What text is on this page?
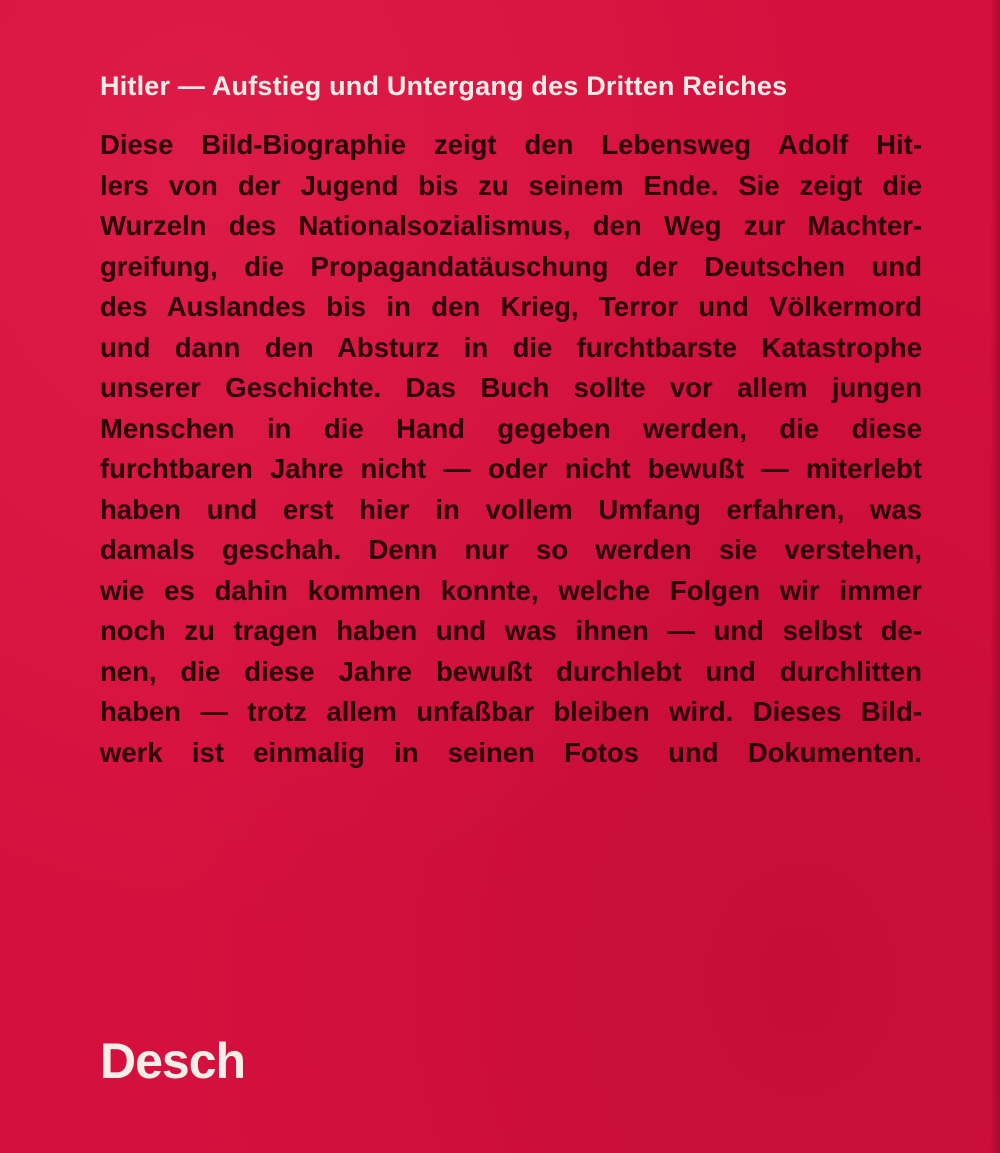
Hitler — Aufstieg und Untergang des Dritten Reiches
Diese Bild-Biographie zeigt den Lebensweg Adolf Hit-
lers von der Jugend bis zu seinem Ende. Sie zeigt die
Wurzeln des Nationalsozialismus, den Weg zur Machter-
greifung, die Propagandatäuschung der Deutschen und
des Auslandes bis in den Krieg, Terror und Völkermord
und dann den Absturz in die furchtbarste Katastrophe
unserer Geschichte. Das Buch sollte vor allem jungen
Menschen in die Hand gegeben werden, die diese
furchtbaren Jahre nicht — oder nicht bewußt — miterlebt
haben und erst hier in vollem Umfang erfahren, was
damals geschah. Denn nur so werden sie verstehen,
wie es dahin kommen konnte, welche Folgen wir immer
noch zu tragen haben und was ihnen — und selbst de-
nen, die diese Jahre bewußt durchlebt und durchlitten
haben — trotz allem unfaßbar bleiben wird. Dieses Bild-
werk ist einmalig in seinen Fotos und Dokumenten.
Desch
